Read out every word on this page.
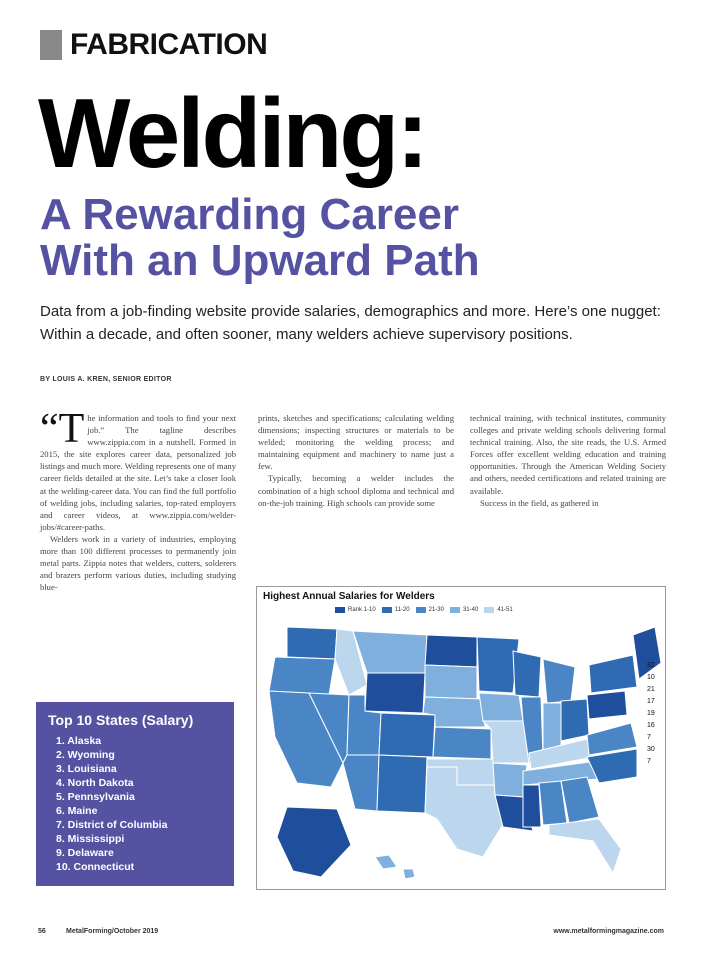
FABRICATION
Welding:
A Rewarding Career
With an Upward Path
Data from a job-finding website provide salaries, demographics and more. Here’s one nugget: Within a decade, and often sooner, many welders achieve supervisory positions.
BY LOUIS A. KREN, SENIOR EDITOR

“The information and tools to find your next job.” The tagline describes www.zippia.com in a nutshell. Formed in 2015, the site explores career data, personalized job listings and much more. Welding represents one of many career fields detailed at the site. Let’s take a closer look at the welding-career data. You can find the full portfolio of welding jobs, including salaries, top-rated employers and career videos, at www.zippia.com/welder-jobs/#career-paths.

Welders work in a variety of industries, employing more than 100 different processes to permanently join metal parts. Zippia notes that welders, cutters, solderers and brazers perform various duties, including studying blue-

prints, sketches and specifications; calculating welding dimensions; inspecting structures or materials to be welded; monitoring the welding process; and maintaining equipment and machinery to name just a few.

Typically, becoming a welder includes the combination of a high school diploma and technical and on-the-job training. High schools can provide some

technical training, with technical institutes, community colleges and private welding schools delivering formal technical training. Also, the site reads, the U.S. Armed Forces offer excellent welding education and training opportunities. Through the American Welding Society and others, needed certifications and related training are available.

Success in the field, as gathered in

Top 10 States (Salary)
1. Alaska
2. Wyoming
3. Louisiana
4. North Dakota
5. Pennsylvania
6. Maine
7. District of Columbia
8. Mississippi
9. Delaware
10. Connecticut
Highest Annual Salaries for Welders
Rank 1-10	11-20	21-30	31-40	41-51
32
10
21
17
19
16
7
30
7
56	MetalForming/October 2019	www.metalformingmagazine.com
